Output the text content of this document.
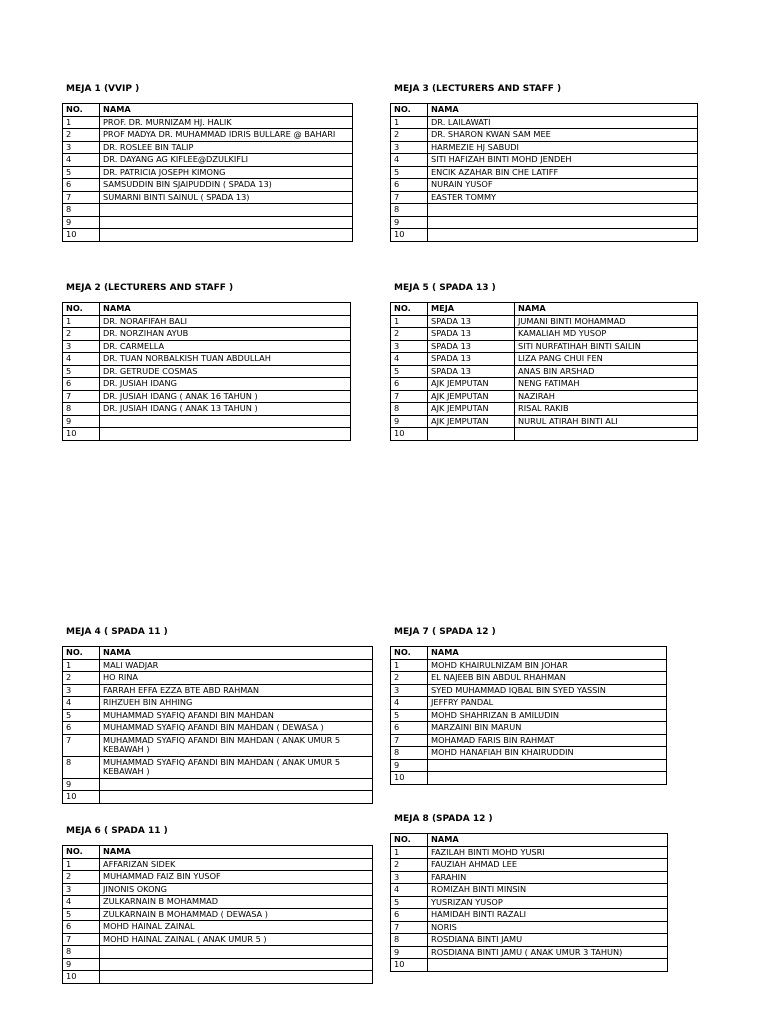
MEJA 1 (VVIP )
NO.	NAMA
1	PROF. DR. MURNIZAM HJ. HALIK
2	PROF MADYA DR. MUHAMMAD IDRIS BULLARE @ BAHARI
3	DR. ROSLEE BIN TALIP
4	DR. DAYANG AG KIFLEE@DZULKIFLI
5	DR. PATRICIA JOSEPH KIMONG
6	SAMSUDDIN BIN SJAIPUDDIN ( SPADA 13)
7	SUMARNI BINTI SAINUL ( SPADA 13)
8	
9	
10	
MEJA 3 (LECTURERS AND STAFF )
NO.	NAMA
1	DR. LAILAWATI
2	DR. SHARON KWAN SAM MEE
3	HARMEZIE HJ SABUDI
4	SITI HAFIZAH BINTI MOHD JENDEH
5	ENCIK AZAHAR BIN CHE LATIFF
6	NURAIN YUSOF
7	EASTER TOMMY
8	
9	
10	
MEJA 2 (LECTURERS AND STAFF )
NO.	NAMA
1	DR. NORAFIFAH BALI
2	DR. NORZIHAN AYUB
3	DR. CARMELLA
4	DR. TUAN NORBALKISH TUAN ABDULLAH
5	DR. GETRUDE COSMAS
6	DR. JUSIAH IDANG
7	DR. JUSIAH IDANG ( ANAK 16 TAHUN )
8	DR. JUSIAH IDANG ( ANAK 13 TAHUN )
9	
10	
MEJA 5 ( SPADA 13 )
NO.	MEJA	NAMA
1	SPADA 13	JUMANI BINTI MOHAMMAD
2	SPADA 13	KAMALIAH MD YUSOP
3	SPADA 13	SITI NURFATIHAH BINTI SAILIN
4	SPADA 13	LIZA PANG CHUI FEN
5	SPADA 13	ANAS BIN ARSHAD
6	AJK JEMPUTAN	NENG FATIMAH
7	AJK JEMPUTAN	NAZIRAH
8	AJK JEMPUTAN	RISAL RAKIB
9	AJK JEMPUTAN	NURUL ATIRAH BINTI ALI
10		
MEJA 4 ( SPADA 11 )
NO.	NAMA
1	MALI WADJAR
2	HO RINA
3	FARRAH EFFA EZZA BTE ABD RAHMAN
4	RIHZUEH BIN AHHING
5	MUHAMMAD SYAFIQ AFANDI BIN MAHDAN
6	MUHAMMAD SYAFIQ AFANDI BIN MAHDAN ( DEWASA )
7	MUHAMMAD SYAFIQ AFANDI BIN MAHDAN ( ANAK UMUR 5 KEBAWAH )
8	MUHAMMAD SYAFIQ AFANDI BIN MAHDAN ( ANAK UMUR 5 KEBAWAH )
9	
10	
MEJA 7 ( SPADA 12 )
NO.	NAMA
1	MOHD KHAIRULNIZAM BIN JOHAR
2	EL NAJEEB BIN ABDUL RHAHMAN
3	SYED MUHAMMAD IQBAL BIN SYED YASSIN
4	JEFFRY PANDAL
5	MOHD SHAHRIZAN B AMILUDIN
6	MARZAINI BIN MARUN
7	MOHAMAD FARIS BIN RAHMAT
8	MOHD HANAFIAH BIN KHAIRUDDIN
9	
10	
MEJA 6 ( SPADA 11 )
NO.	NAMA
1	AFFARIZAN SIDEK
2	MUHAMMAD FAIZ BIN YUSOF
3	JINONIS OKONG
4	ZULKARNAIN B MOHAMMAD
5	ZULKARNAIN B MOHAMMAD ( DEWASA )
6	MOHD HAINAL ZAINAL
7	MOHD HAINAL ZAINAL ( ANAK UMUR 5 )
8	
9	
10	
MEJA 8 (SPADA 12 )
NO.	NAMA
1	FAZILAH BINTI MOHD YUSRI
2	FAUZIAH AHMAD LEE
3	FARAHIN
4	ROMIZAH BINTI MINSIN
5	YUSRIZAN YUSOP
6	HAMIDAH BINTI RAZALI
7	NORIS
8	ROSDIANA BINTI JAMU
9	ROSDIANA BINTI JAMU ( ANAK UMUR 3 TAHUN)
10	
